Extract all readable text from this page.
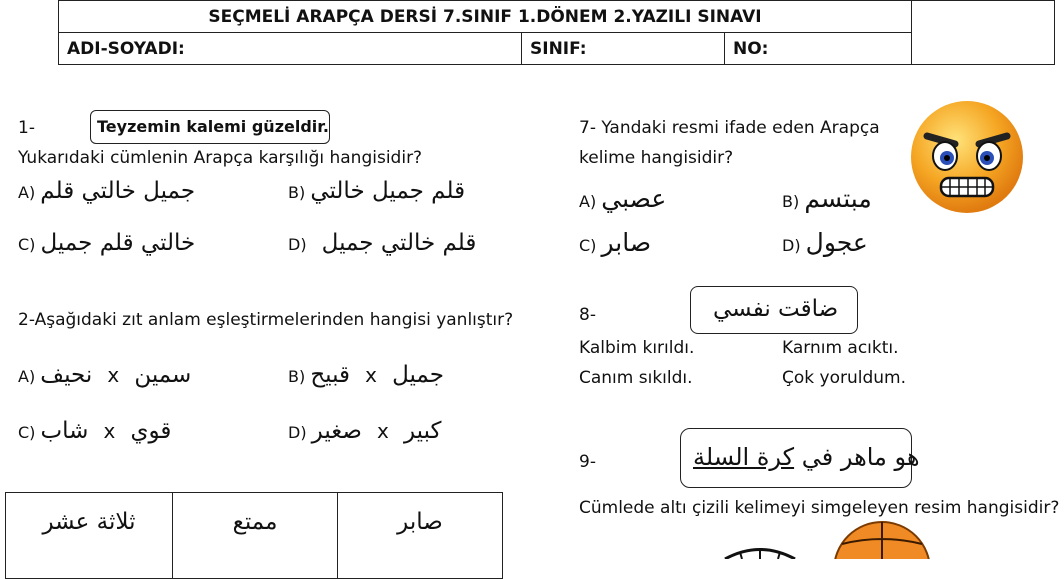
SEÇMELİ ARAPÇA DERSİ 7.SINIF 1.DÖNEM 2.YAZILI SINAVI			
ADI-SOYADI:	SINIF:	NO:	
1-	Teyzemin kalemi güzeldir.
Yukarıdaki cümlenin Arapça karşılığı hangisidir?
A) جميل خالتي قلم	B) قلم جميل خالتي
C) خالتي قلم جميل	D) قلم خالتي جميل
2-Aşağıdaki zıt anlam eşleştirmelerinden hangisi yanlıştır?
A) نحيف x سمين	B) قبيح x جميل
C) شاب x قوي	D) صغير x كبير
ثلاثة عشر	ممتع	صابر
7- Yandaki resmi ifade eden Arapça
kelime hangisidir?
A) عصبي	B) مبتسم
C) صابر	D) عجول
8-	ضاقت نفسي
Kalbim kırıldı.	Karnım acıktı.
Canım sıkıldı.	Çok yoruldum.
9-	هو ماهر في كرة السلة
Cümlede altı çizili kelimeyi simgeleyen resim hangisidir?
